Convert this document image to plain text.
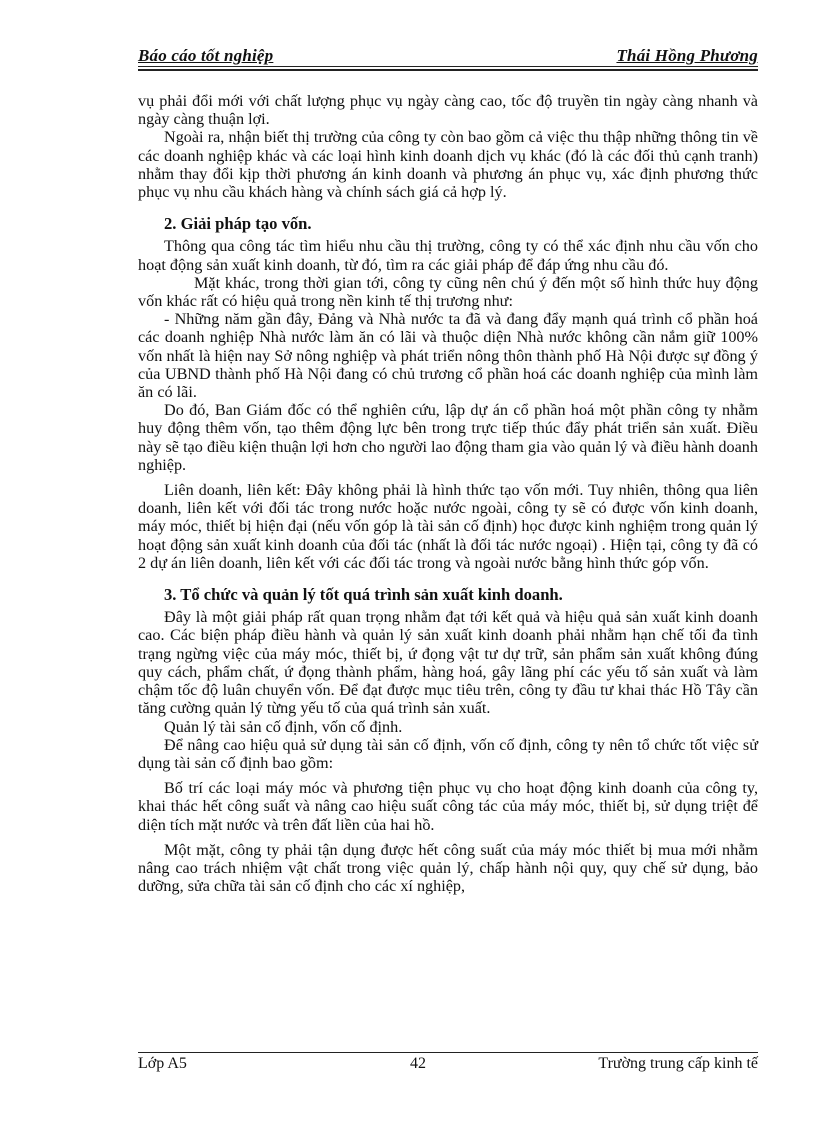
Báo cáo tốt nghiệp	Thái Hồng Phương

vụ phải đổi mới với chất lượng phục vụ ngày càng cao, tốc độ truyền tin ngày càng nhanh và ngày càng thuận lợi.

Ngoài ra, nhận biết thị trường của công ty còn bao gồm cả việc thu thập những thông tin về các doanh nghiệp khác và các loại hình kinh doanh dịch vụ khác (đó là các đối thủ cạnh tranh) nhằm thay đổi kịp thời phương án kinh doanh và phương án phục vụ, xác định phương thức phục vụ nhu cầu khách hàng và chính sách giá cả hợp lý.

2. Giải pháp tạo vốn.

Thông qua công tác tìm hiểu nhu cầu thị trường, công ty có thể xác định nhu cầu vốn cho hoạt động sản xuất kinh doanh, từ đó, tìm ra các giải pháp để đáp ứng nhu cầu đó.

Mặt khác, trong thời gian tới, công ty cũng nên chú ý đến một số hình thức huy động vốn khác rất có hiệu quả trong nền kinh tế thị trương như:

- Những năm gần đây, Đảng và Nhà nước ta đã và đang đẩy mạnh quá trình cổ phần hoá các doanh nghiệp Nhà nước làm ăn có lãi và thuộc diện Nhà nước không cần nắm giữ 100% vốn nhất là hiện nay Sở nông nghiệp và phát triển nông thôn thành phố Hà Nội được sự đồng ý của UBND thành phố Hà Nội đang có chủ trương cổ phần hoá các doanh nghiệp của mình làm ăn có lãi.

Do đó, Ban Giám đốc có thể nghiên cứu, lập dự án cổ phần hoá một phần công ty nhằm huy động thêm vốn, tạo thêm động lực bên trong trực tiếp thúc đẩy phát triển sản xuất. Điều này sẽ tạo điều kiện thuận lợi hơn cho người lao động tham gia vào quản lý và điều hành doanh nghiệp.

Liên doanh, liên kết: Đây không phải là hình thức tạo vốn mới. Tuy nhiên, thông qua liên doanh, liên kết với đối tác trong nước hoặc nước ngoài, công ty sẽ có được vốn kinh doanh, máy móc, thiết bị hiện đại (nếu vốn góp là tài sản cố định) học được kinh nghiệm trong quản lý hoạt động sản xuất kinh doanh của đối tác (nhất là đối tác nước ngoại) . Hiện tại, công ty đã có 2 dự án liên doanh, liên kết với các đối tác trong và ngoài nước bằng hình thức góp vốn.

3. Tổ chức và quản lý tốt quá trình sản xuất kinh doanh.

Đây là một giải pháp rất quan trọng nhằm đạt tới kết quả và hiệu quả sản xuất kinh doanh cao. Các biện pháp điều hành và quản lý sản xuất kinh doanh phải nhằm hạn chế tối đa tình trạng ngừng việc của máy móc, thiết bị, ứ đọng vật tư dự trữ, sản phẩm sản xuất không đúng quy cách, phẩm chất, ứ đọng thành phẩm, hàng hoá, gây lãng phí các yếu tố sản xuất và làm chậm tốc độ luân chuyển vốn. Để đạt được mục tiêu trên, công ty đầu tư khai thác Hồ Tây cần tăng cường quản lý từng yếu tố của quá trình sản xuất.

Quản lý tài sản cố định, vốn cố định.

Để nâng cao hiệu quả sử dụng tài sản cố định, vốn cố định, công ty nên tổ chức tốt việc sử dụng tài sản cố định bao gồm:

Bố trí các loại máy móc và phương tiện phục vụ cho hoạt động kinh doanh của công ty, khai thác hết công suất và nâng cao hiệu suất công tác của máy móc, thiết bị, sử dụng triệt để diện tích mặt nước và trên đất liền của hai hồ.

Một mặt, công ty phải tận dụng được hết công suất của máy móc thiết bị mua mới nhằm nâng cao trách nhiệm vật chất trong việc quản lý, chấp hành nội quy, quy chế sử dụng, bảo dưỡng, sửa chữa tài sản cố định cho các xí nghiệp,

Lớp A5	42	Trường trung cấp kinh tế
